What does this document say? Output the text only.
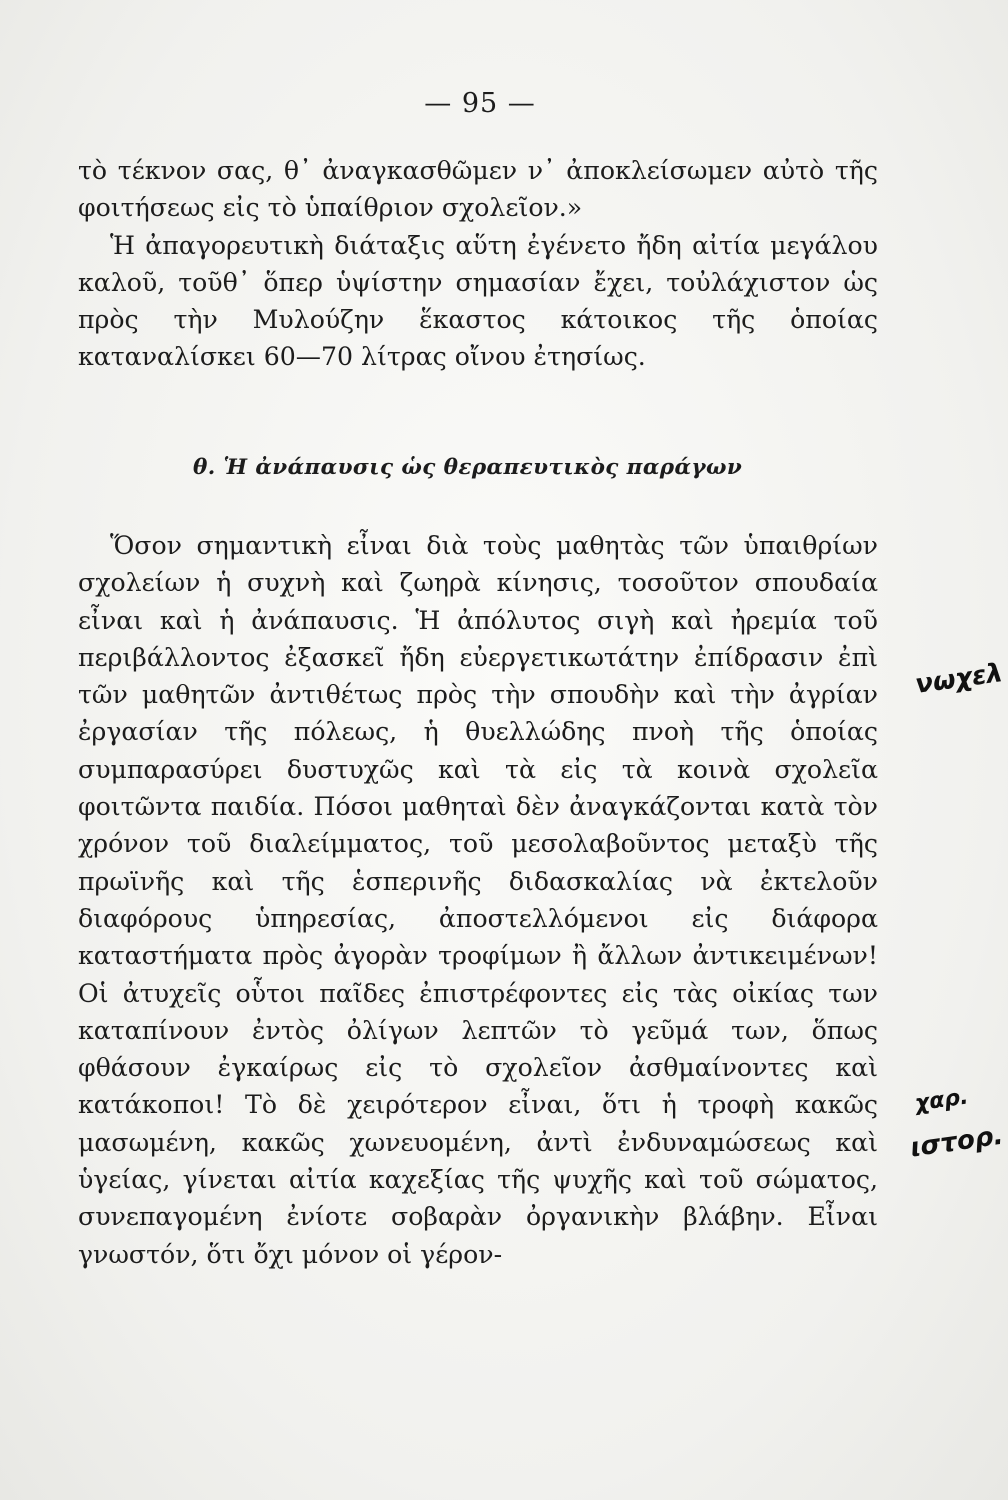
— 95 —
τὸ τέκνον σας, θ᾽ ἀναγκασθῶμεν ν᾽ ἀποκλείσωμεν αὐτὸ τῆς φοιτήσεως εἰς τὸ ὑπαίθριον σχολεῖον.»
Ἡ ἀπαγορευτικὴ διάταξις αὕτη ἐγένετο ἤδη αἰτία μεγάλου καλοῦ, τοῦθ᾽ ὅπερ ὑψίστην σημασίαν ἔχει, τοὐλάχιστον ὡς πρὸς τὴν Μυλούζην ἕκαστος κάτοικος τῆς ὁποίας καταναλίσκει 60—70 λίτρας οἴνου ἐτησίως.
θ. Ἡ ἀνάπαυσις ὡς θεραπευτικὸς παράγων
Ὅσον σημαντικὴ εἶναι διὰ τοὺς μαθητὰς τῶν ὑπαιθρίων σχολείων ἡ συχνὴ καὶ ζωηρὰ κίνησις, τοσοῦτον σπουδαία εἶναι καὶ ἡ ἀνάπαυσις. Ἡ ἀπόλυτος σιγὴ καὶ ἠρεμία τοῦ περιβάλλοντος ἐξασκεῖ ἤδη εὐεργετικωτάτην ἐπίδρασιν ἐπὶ τῶν μαθητῶν ἀντιθέτως πρὸς τὴν σπουδὴν καὶ τὴν ἀγρίαν ἐργασίαν τῆς πόλεως, ἡ θυελλώδης πνοὴ τῆς ὁποίας συμπαρασύρει δυστυχῶς καὶ τὰ εἰς τὰ κοινὰ σχολεῖα φοιτῶντα παιδία. Πόσοι μαθηταὶ δὲν ἀναγκάζονται κατὰ τὸν χρόνον τοῦ διαλείμματος, τοῦ μεσολαβοῦντος μεταξὺ τῆς πρωϊνῆς καὶ τῆς ἑσπερινῆς διδασκαλίας νὰ ἐκτελοῦν διαφόρους ὑπηρεσίας, ἀποστελλόμενοι εἰς διάφορα καταστήματα πρὸς ἀγορὰν τροφίμων ἢ ἄλλων ἀντικειμένων! Οἱ ἀτυχεῖς οὗτοι παῖδες ἐπιστρέφοντες εἰς τὰς οἰκίας των καταπίνουν ἐντὸς ὀλίγων λεπτῶν τὸ γεῦμά των, ὅπως φθάσουν ἐγκαίρως εἰς τὸ σχολεῖον ἀσθμαίνοντες καὶ κατάκοποι! Τὸ δὲ χειρότερον εἶναι, ὅτι ἡ τροφὴ κακῶς μασωμένη, κακῶς χωνευομένη, ἀντὶ ἐνδυναμώσεως καὶ ὑγείας, γίνεται αἰτία καχεξίας τῆς ψυχῆς καὶ τοῦ σώματος, συνεπαγομένη ἐνίοτε σοβαρὰν ὀργανικὴν βλάβην. Εἶναι γνωστόν, ὅτι ὄχι μόνον οἱ γέρον-
νωχελ
χαρ.
ιστορ.
